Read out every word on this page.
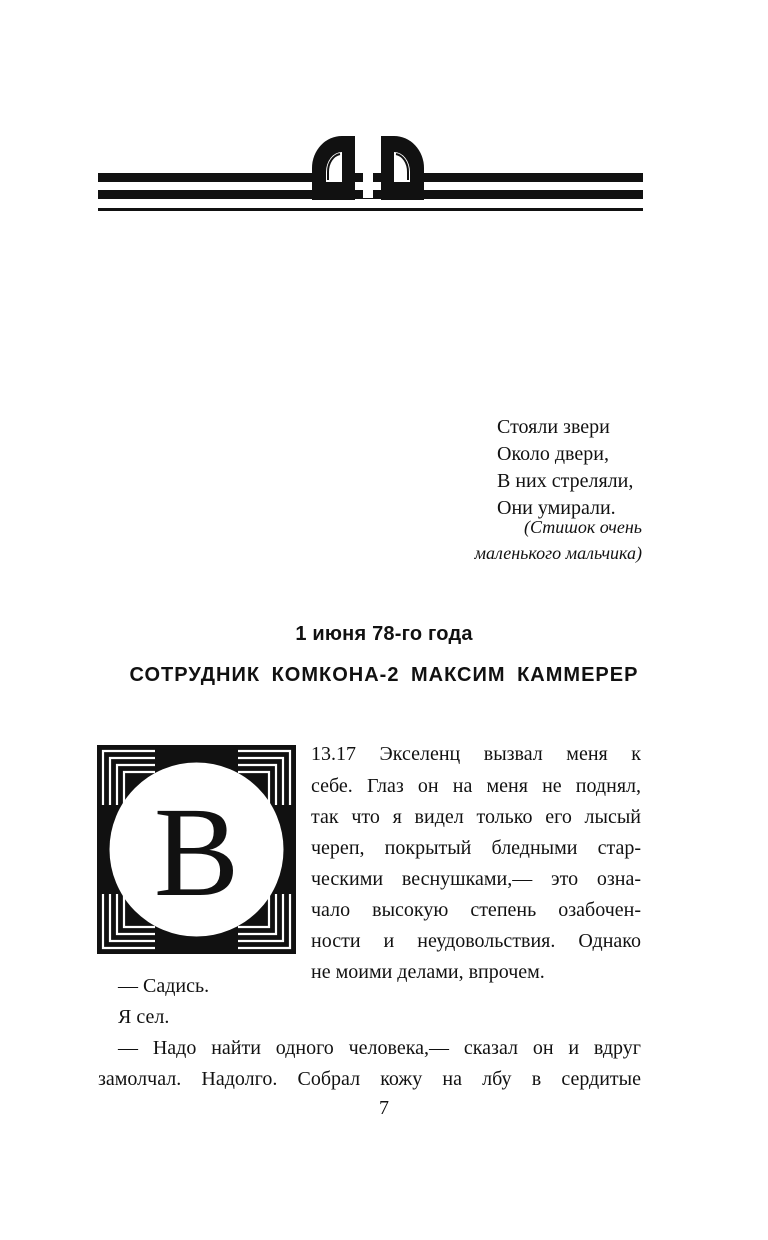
Стояли звери
Около двери,
В них стреляли,
Они умирали.
(Стишок очень
маленького мальчика)
1 июня 78-го года
СОТРУДНИК КОМКОНА-2 МАКСИМ КАММЕРЕР
В
13.17 Экселенц вызвал меня к
себе. Глаз он на меня не поднял,
так что я видел только его лысый
череп, покрытый бледными стар-
ческими веснушками,— это озна-
чало высокую степень озабочен-
ности и неудовольствия. Однако
не моими делами, впрочем.
— Садись.
Я сел.
— Надо найти одного человека,— сказал он и вдруг
замолчал. Надолго. Собрал кожу на лбу в сердитые
7
